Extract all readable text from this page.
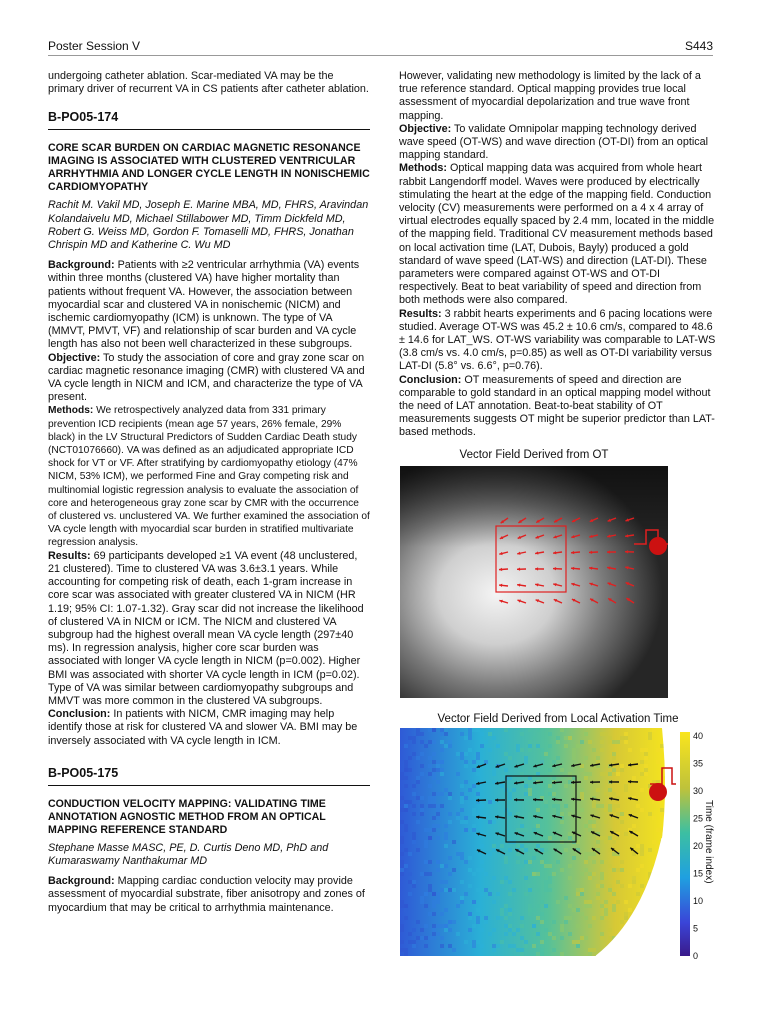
Poster Session V	S443

undergoing catheter ablation. Scar-mediated VA may be the primary driver of recurrent VA in CS patients after catheter ablation.

B-PO05-174

CORE SCAR BURDEN ON CARDIAC MAGNETIC RESONANCE IMAGING IS ASSOCIATED WITH CLUSTERED VENTRICULAR ARRHYTHMIA AND LONGER CYCLE LENGTH IN NONISCHEMIC CARDIOMYOPATHY

Rachit M. Vakil MD, Joseph E. Marine MBA, MD, FHRS, Aravindan Kolandaivelu MD, Michael Stillabower MD, Timm Dickfeld MD, Robert G. Weiss MD, Gordon F. Tomaselli MD, FHRS, Jonathan Chrispin MD and Katherine C. Wu MD

Background: Patients with ≥2 ventricular arrhythmia (VA) events within three months (clustered VA) have higher mortality than patients without frequent VA. However, the association between myocardial scar and clustered VA in nonischemic (NICM) and ischemic cardiomyopathy (ICM) is unknown. The type of VA (MMVT, PMVT, VF) and relationship of scar burden and VA cycle length has also not been well characterized in these subgroups.

Objective: To study the association of core and gray zone scar on cardiac magnetic resonance imaging (CMR) with clustered VA and VA cycle length in NICM and ICM, and characterize the type of VA present.

Methods: We retrospectively analyzed data from 331 primary prevention ICD recipients (mean age 57 years, 26% female, 29% black) in the LV Structural Predictors of Sudden Cardiac Death study (NCT01076660). VA was defined as an adjudicated appropriate ICD shock for VT or VF. After stratifying by cardiomyopathy etiology (47% NICM, 53% ICM), we performed Fine and Gray competing risk and multinomial logistic regression analysis to evaluate the association of core and heterogeneous gray zone scar by CMR with the occurrence of clustered vs. unclustered VA. We further examined the association of VA cycle length with myocardial scar burden in stratified multivariate regression analysis.

Results: 69 participants developed ≥1 VA event (48 unclustered, 21 clustered). Time to clustered VA was 3.6±3.1 years. While accounting for competing risk of death, each 1-gram increase in core scar was associated with greater clustered VA in NICM (HR 1.19; 95% CI: 1.07-1.32). Gray scar did not increase the likelihood of clustered VA in NICM or ICM. The NICM and clustered VA subgroup had the highest overall mean VA cycle length (297±40 ms). In regression analysis, higher core scar burden was associated with longer VA cycle length in NICM (p=0.002). Higher BMI was associated with shorter VA cycle length in ICM (p=0.02). Type of VA was similar between cardiomyopathy subgroups and MMVT was more common in the clustered VA subgroups.

Conclusion: In patients with NICM, CMR imaging may help identify those at risk for clustered VA and slower VA. BMI may be inversely associated with VA cycle length in ICM.

B-PO05-175

CONDUCTION VELOCITY MAPPING: VALIDATING TIME ANNOTATION AGNOSTIC METHOD FROM AN OPTICAL MAPPING REFERENCE STANDARD

Stephane Masse MASC, PE, D. Curtis Deno MD, PhD and Kumaraswamy Nanthakumar MD

Background: Mapping cardiac conduction velocity may provide assessment of myocardial substrate, fiber anisotropy and zones of myocardium that may be critical to arrhythmia maintenance.

However, validating new methodology is limited by the lack of a true reference standard. Optical mapping provides true local assessment of myocardial depolarization and true wave front mapping.

Objective: To validate Omnipolar mapping technology derived wave speed (OT-WS) and wave direction (OT-DI) from an optical mapping standard.

Methods: Optical mapping data was acquired from whole heart rabbit Langendorff model. Waves were produced by electrically stimulating the heart at the edge of the mapping field. Conduction velocity (CV) measurements were performed on a 4 x 4 array of virtual electrodes equally spaced by 2.4 mm, located in the middle of the mapping field. Traditional CV measurement methods based on local activation time (LAT, Dubois, Bayly) produced a gold standard of wave speed (LAT-WS) and direction (LAT-DI). These parameters were compared against OT-WS and OT-DI respectively. Beat to beat variability of speed and direction from both methods were also compared.

Results: 3 rabbit hearts experiments and 6 pacing locations were studied. Average OT-WS was 45.2 ± 10.6 cm/s, compared to 48.6 ± 14.6 for LAT_WS. OT-WS variability was comparable to LAT-WS (3.8 cm/s vs. 4.0 cm/s, p=0.85) as well as OT-DI variability versus LAT-DI (5.8° vs. 6.6°, p=0.76).

Conclusion: OT measurements of speed and direction are comparable to gold standard in an optical mapping model without the need of LAT annotation. Beat-to-beat stability of OT measurements suggests OT might be superior predictor than LAT-based methods.

Vector Field Derived from OT
Vector Field Derived from Local Activation Time
40
35
30
25
20
15
10
5
0
Time (frame index)
